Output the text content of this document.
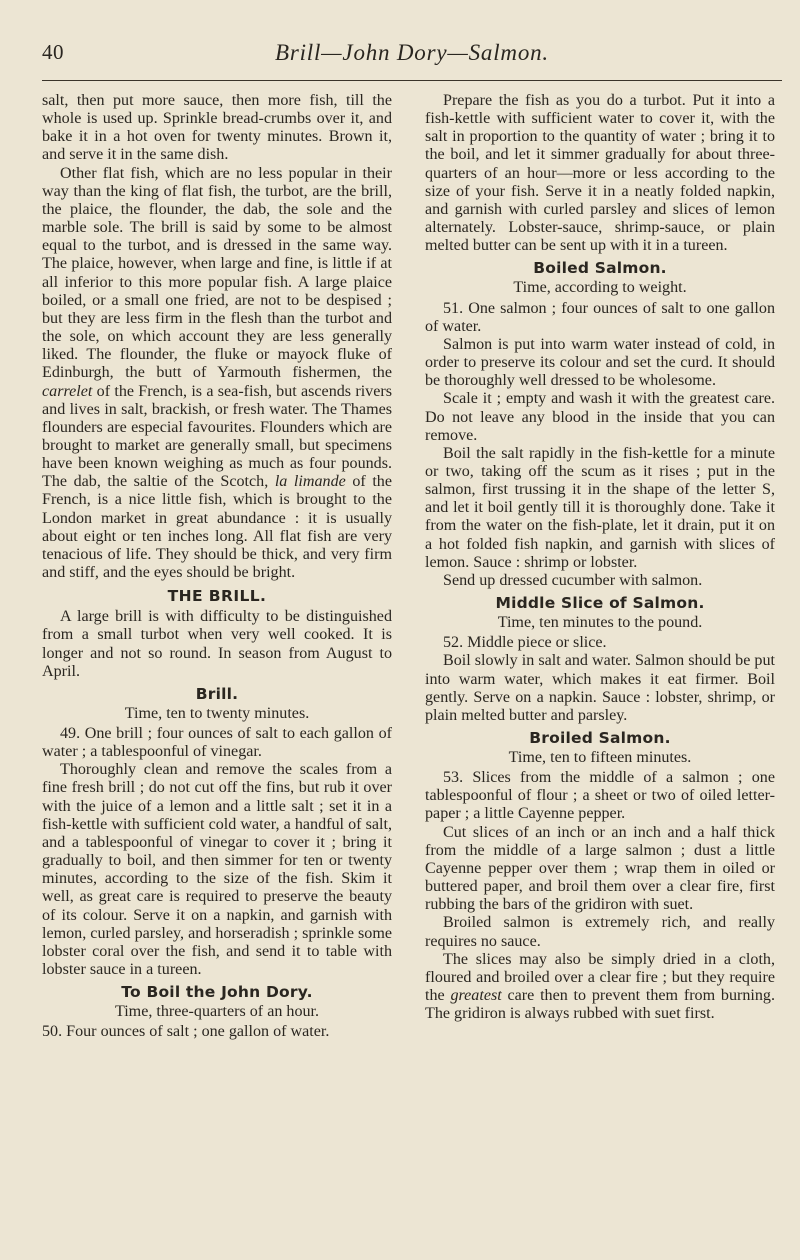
40	Brill—John Dory—Salmon.

salt, then put more sauce, then more fish, till the whole is used up. Sprinkle bread-crumbs over it, and bake it in a hot oven for twenty minutes. Brown it, and serve it in the same dish.

Other flat fish, which are no less popular in their way than the king of flat fish, the turbot, are the brill, the plaice, the flounder, the dab, the sole and the marble sole. The brill is said by some to be almost equal to the turbot, and is dressed in the same way. The plaice, however, when large and fine, is little if at all inferior to this more popular fish. A large plaice boiled, or a small one fried, are not to be despised ; but they are less firm in the flesh than the turbot and the sole, on which account they are less generally liked. The flounder, the fluke or mayock fluke of Edinburgh, the butt of Yarmouth fishermen, the carrelet of the French, is a sea-fish, but ascends rivers and lives in salt, brackish, or fresh water. The Thames flounders are especial favourites. Flounders which are brought to market are generally small, but specimens have been known weighing as much as four pounds. The dab, the saltie of the Scotch, la limande of the French, is a nice little fish, which is brought to the London market in great abundance : it is usually about eight or ten inches long. All flat fish are very tenacious of life. They should be thick, and very firm and stiff, and the eyes should be bright.

THE BRILL.

A large brill is with difficulty to be distinguished from a small turbot when very well cooked. It is longer and not so round. In season from August to April.

Brill.

Time, ten to twenty minutes.

49. One brill ; four ounces of salt to each gallon of water ; a tablespoonful of vinegar.

Thoroughly clean and remove the scales from a fine fresh brill ; do not cut off the fins, but rub it over with the juice of a lemon and a little salt ; set it in a fish-kettle with sufficient cold water, a handful of salt, and a tablespoonful of vinegar to cover it ; bring it gradually to boil, and then simmer for ten or twenty minutes, according to the size of the fish. Skim it well, as great care is required to preserve the beauty of its colour. Serve it on a napkin, and garnish with lemon, curled parsley, and horseradish ; sprinkle some lobster coral over the fish, and send it to table with lobster sauce in a tureen.

To Boil the John Dory.

Time, three-quarters of an hour.

50. Four ounces of salt ; one gallon of water.

Prepare the fish as you do a turbot. Put it into a fish-kettle with sufficient water to cover it, with the salt in proportion to the quantity of water ; bring it to the boil, and let it simmer gradually for about three-quarters of an hour—more or less according to the size of your fish. Serve it in a neatly folded napkin, and garnish with curled parsley and slices of lemon alternately. Lobster-sauce, shrimp-sauce, or plain melted butter can be sent up with it in a tureen.

Boiled Salmon.

Time, according to weight.

51. One salmon ; four ounces of salt to one gallon of water.

Salmon is put into warm water instead of cold, in order to preserve its colour and set the curd. It should be thoroughly well dressed to be wholesome.

Scale it ; empty and wash it with the greatest care. Do not leave any blood in the inside that you can remove.

Boil the salt rapidly in the fish-kettle for a minute or two, taking off the scum as it rises ; put in the salmon, first trussing it in the shape of the letter S, and let it boil gently till it is thoroughly done. Take it from the water on the fish-plate, let it drain, put it on a hot folded fish napkin, and garnish with slices of lemon. Sauce : shrimp or lobster.

Send up dressed cucumber with salmon.

Middle Slice of Salmon.

Time, ten minutes to the pound.

52. Middle piece or slice.

Boil slowly in salt and water. Salmon should be put into warm water, which makes it eat firmer. Boil gently. Serve on a napkin. Sauce : lobster, shrimp, or plain melted butter and parsley.

Broiled Salmon.

Time, ten to fifteen minutes.

53. Slices from the middle of a salmon ; one tablespoonful of flour ; a sheet or two of oiled letter-paper ; a little Cayenne pepper.

Cut slices of an inch or an inch and a half thick from the middle of a large salmon ; dust a little Cayenne pepper over them ; wrap them in oiled or buttered paper, and broil them over a clear fire, first rubbing the bars of the gridiron with suet.

Broiled salmon is extremely rich, and really requires no sauce.

The slices may also be simply dried in a cloth, floured and broiled over a clear fire ; but they require the greatest care then to prevent them from burning. The gridiron is always rubbed with suet first.
